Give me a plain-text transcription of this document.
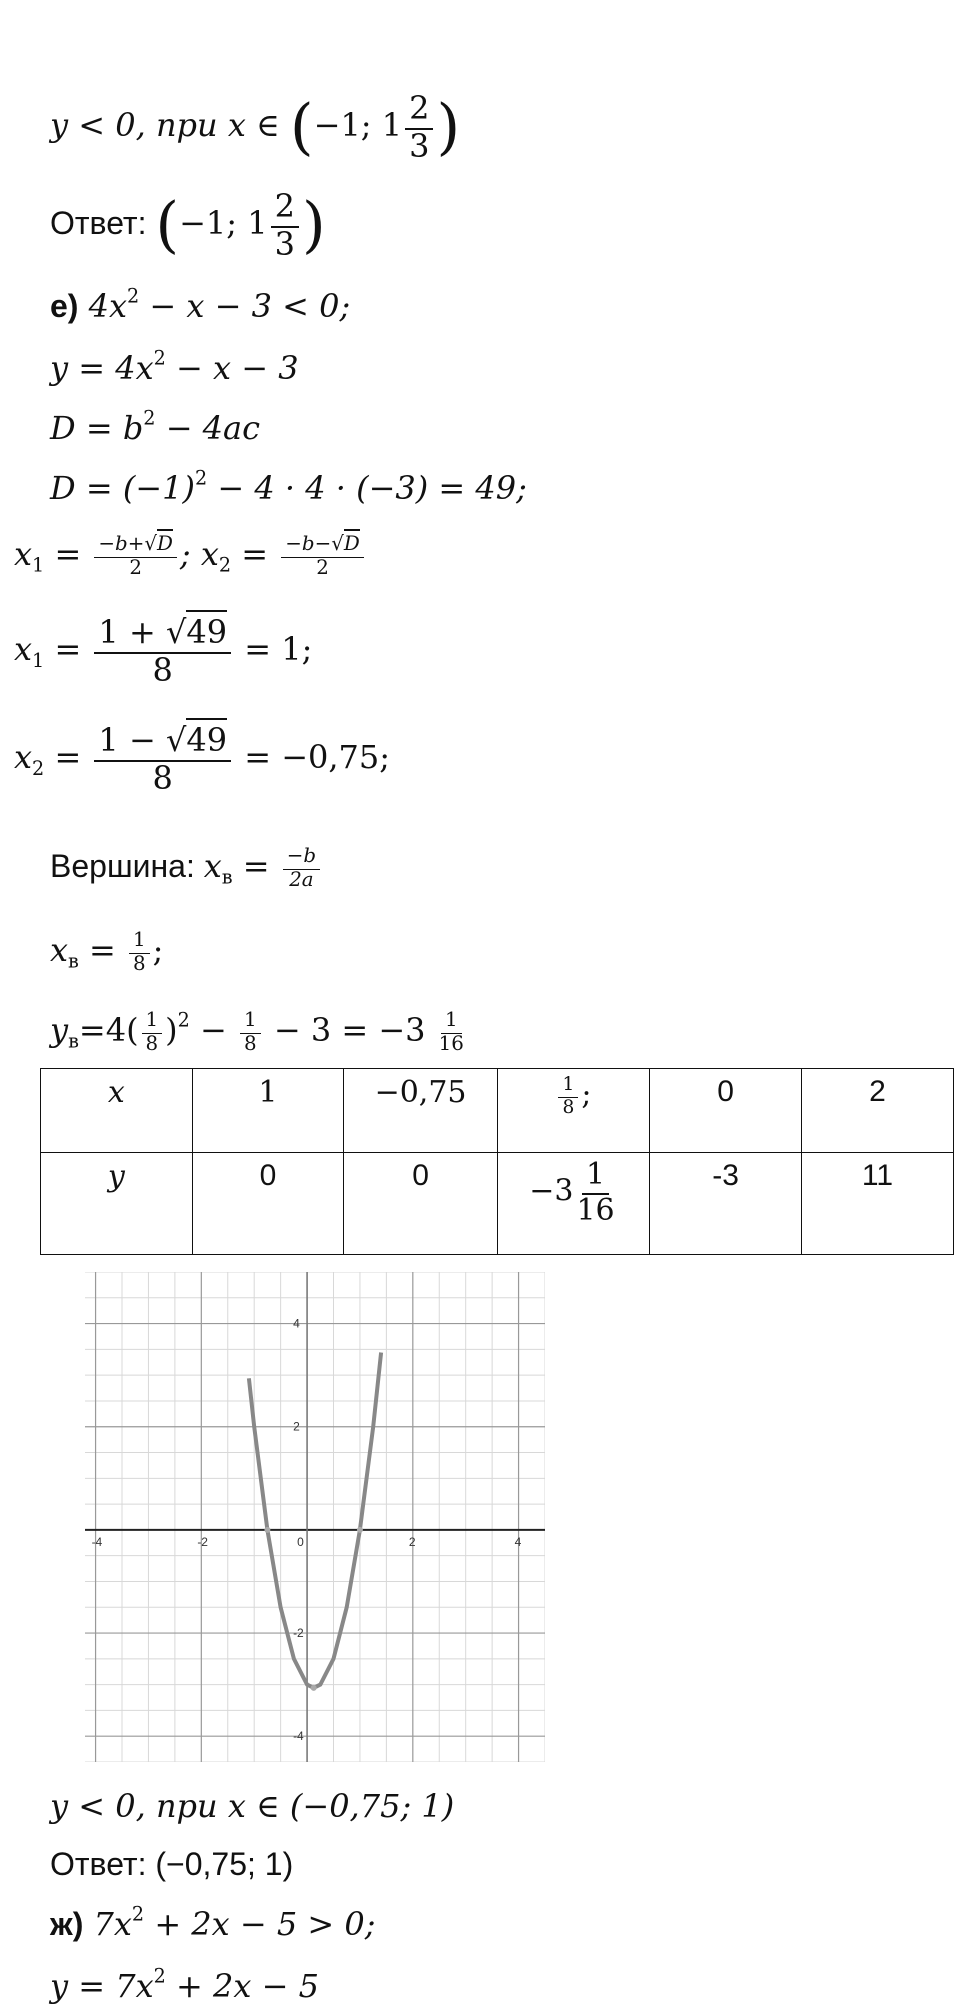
y < 0, при x ∈ (−1; $1 \frac{2}{3}$ )
Ответ: (−1; $1 \frac{2}{3}$ )
е) $4x^2 - x - 3 < 0$;
$y = 4x^2 - x - 3$
$D = b^2 - 4ac$
$D = (-1)^2 - 4 \cdot 4 \cdot (-3) = 49$;
$x_1 = \frac{-b+√D}{2}$ ; $x_2 = \frac{-b-√D}{2}$
$x_1 = \frac{1 + √49}{8} = 1$;
$x_2 = \frac{1 - √49}{8} = -0,75$;
Вершина: $x_в = \frac{-b}{2a}$
$x_в = \frac{1}{8}$ ;
$y_в=4( \frac{1}{8} )^2 - \frac{1}{8} - 3 = -3 \frac{1}{16}$
x	1	−0,75	$\frac{1}{8}$ ;	0	2
y	0	0	$-3 \frac{1}{16}$	-3	11
-4	-2	0	2	4
4
2
-2
-4
y < 0, при x ∈ (−0,75; 1)
Ответ: (−0,75; 1)
ж) $7x^2 + 2x - 5 > 0$;
$y = 7x^2 + 2x - 5$
